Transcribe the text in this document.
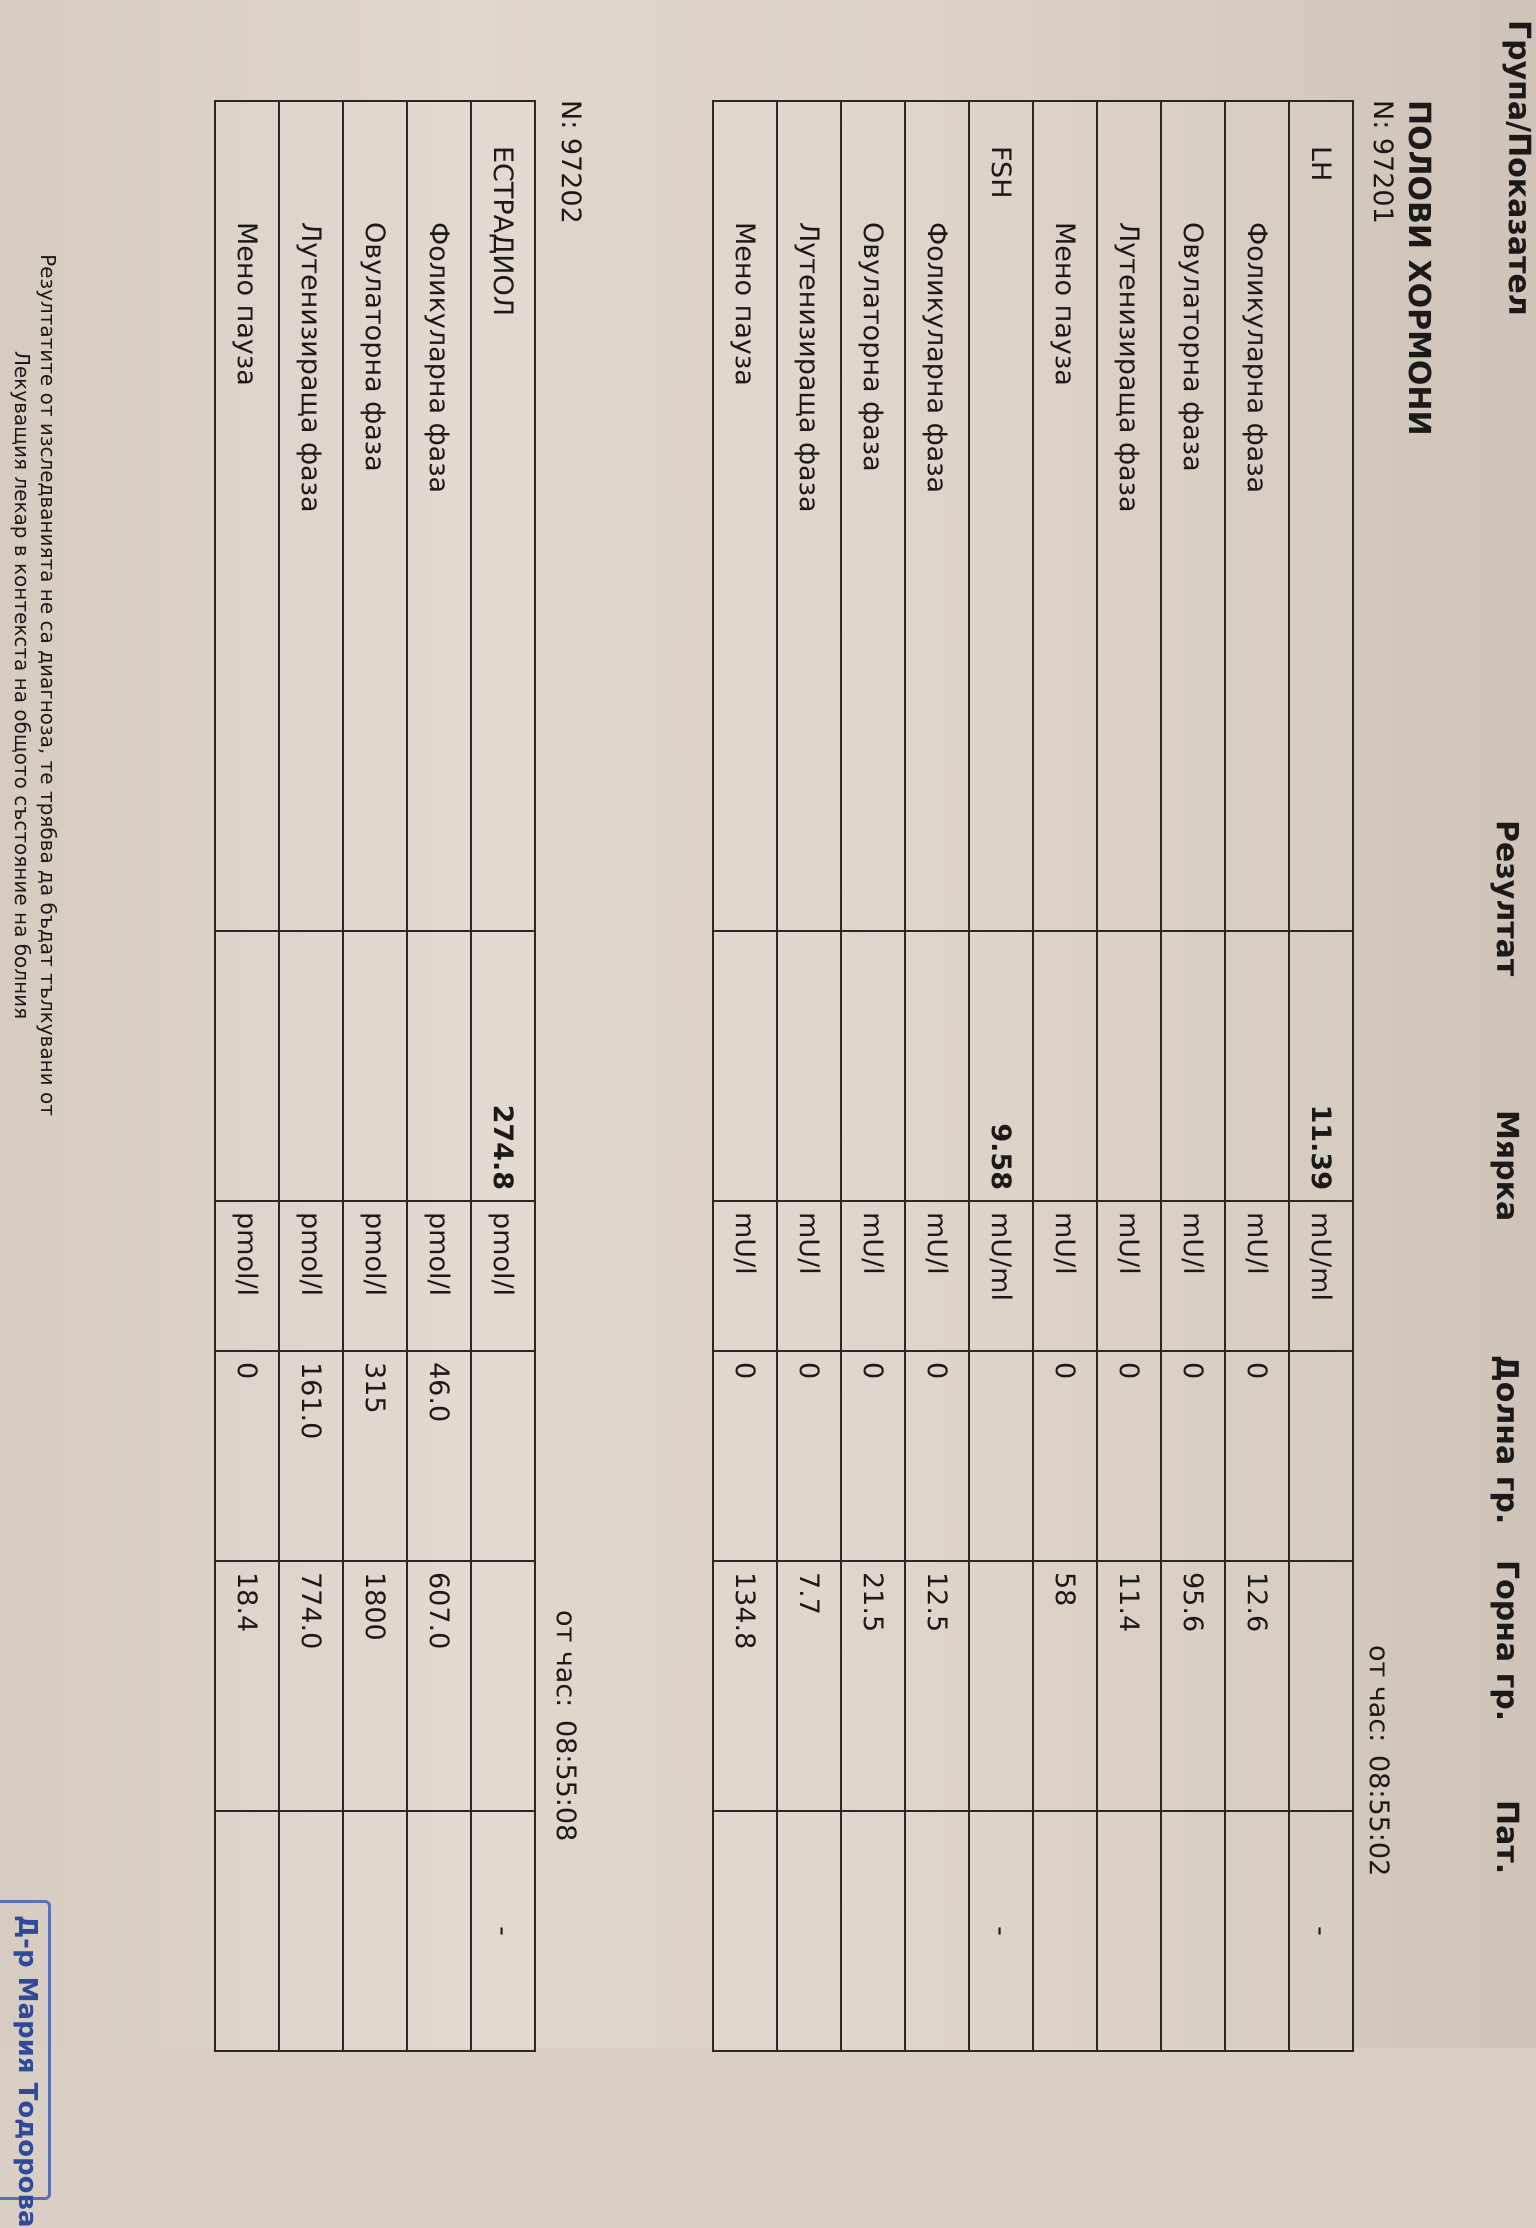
Група/Показател
Резултат
Мярка
Долна гр.
Горна гр.
Пат.
ПОЛОВИ ХОРМОНИ
N: 97201
от час:
08:55:02
LH	11.39	mU/ml			-
Фоликуларна фаза		mU/l	0	12.6	
Овулаторна фаза		mU/l	0	95.6	
Лутенизираща фаза		mU/l	0	11.4	
Мено пауза		mU/l	0	58	
FSH	9.58	mU/ml			-
Фоликуларна фаза		mU/l	0	12.5	
Овулаторна фаза		mU/l	0	21.5	
Лутенизираща фаза		mU/l	0	7.7	
Мено пауза		mU/l	0	134.8	
N: 97202
от час:
08:55:08
ЕСТРАДИОЛ	274.8	pmol/l			-
Фоликуларна фаза		pmol/l	46.0	607.0	
Овулаторна фаза		pmol/l	315	1800	
Лутенизираща фаза		pmol/l	161.0	774.0	
Мено пауза		pmol/l	0	18.4	
Резултатите от изследванията не са диагноза, те трябва да бъдат тълкувани от
Лекуващия лекар в контекста на общото състояние на болния
Д-р Мария Тодорова
